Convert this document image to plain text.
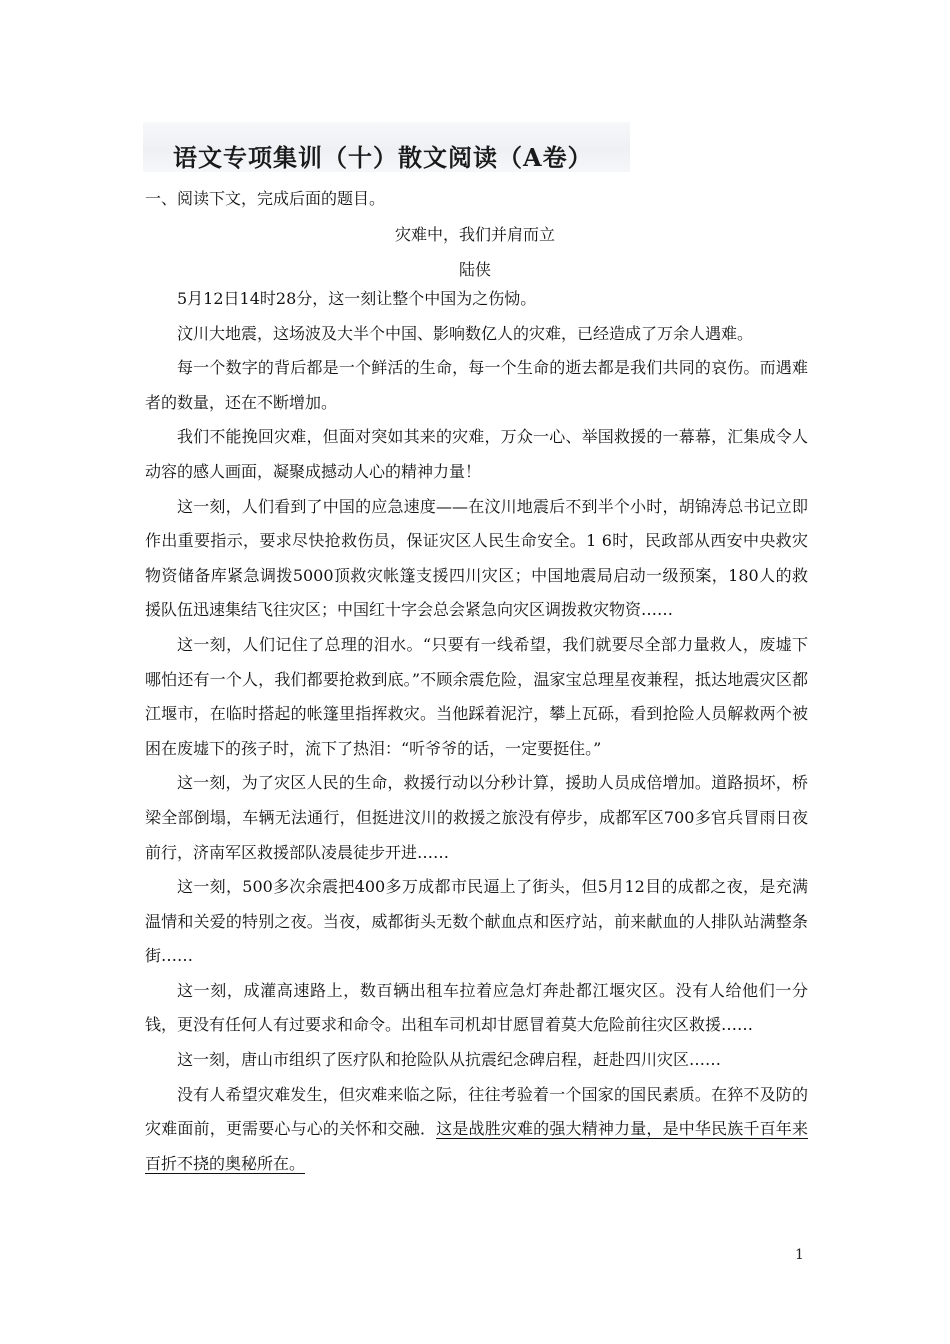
语文专项集训（十）散文阅读（A卷）
一、阅读下文，完成后面的题目。
灾难中，我们并肩而立
陆侠

5月12日14时28分，这一刻让整个中国为之伤恸。

汶川大地震，这场波及大半个中国、影响数亿人的灾难，已经造成了万余人遇难。

每一个数字的背后都是一个鲜活的生命，每一个生命的逝去都是我们共同的哀伤。而遇难者的数量，还在不断增加。

我们不能挽回灾难，但面对突如其来的灾难，万众一心、举国救援的一幕幕，汇集成令人动容的感人画面，凝聚成撼动人心的精神力量！

这一刻，人们看到了中国的应急速度——在汶川地震后不到半个小时，胡锦涛总书记立即作出重要指示，要求尽快抢救伤员，保证灾区人民生命安全。1 6时，民政部从西安中央救灾物资储备库紧急调拨5000顶救灾帐篷支援四川灾区；中国地震局启动一级预案，180人的救援队伍迅速集结飞往灾区；中国红十字会总会紧急向灾区调拨救灾物资……

这一刻，人们记住了总理的泪水。“只要有一线希望，我们就要尽全部力量救人，废墟下哪怕还有一个人，我们都要抢救到底。”不顾余震危险，温家宝总理星夜兼程，抵达地震灾区都江堰市，在临时搭起的帐篷里指挥救灾。当他踩着泥泞，攀上瓦砾，看到抢险人员解救两个被困在废墟下的孩子时，流下了热泪：“听爷爷的话，一定要挺住。”

这一刻，为了灾区人民的生命，救援行动以分秒计算，援助人员成倍增加。道路损坏，桥梁全部倒塌，车辆无法通行，但挺进汶川的救援之旅没有停步，成都军区700多官兵冒雨日夜前行，济南军区救援部队凌晨徒步开进……

这一刻，500多次余震把400多万成都市民逼上了街头，但5月12目的成都之夜，是充满温情和关爱的特别之夜。当夜，威都街头无数个献血点和医疗站，前来献血的人排队站满整条街……

这一刻，成灌高速路上，数百辆出租车拉着应急灯奔赴都江堰灾区。没有人给他们一分钱，更没有任何人有过要求和命令。出租车司机却甘愿冒着莫大危险前往灾区救援……

这一刻，唐山市组织了医疗队和抢险队从抗震纪念碑启程，赶赴四川灾区……

没有人希望灾难发生，但灾难来临之际，往往考验着一个国家的国民素质。在猝不及防的灾难面前，更需要心与心的关怀和交融．这是战胜灾难的强大精神力量，是中华民族千百年来百折不挠的奥秘所在。

1
